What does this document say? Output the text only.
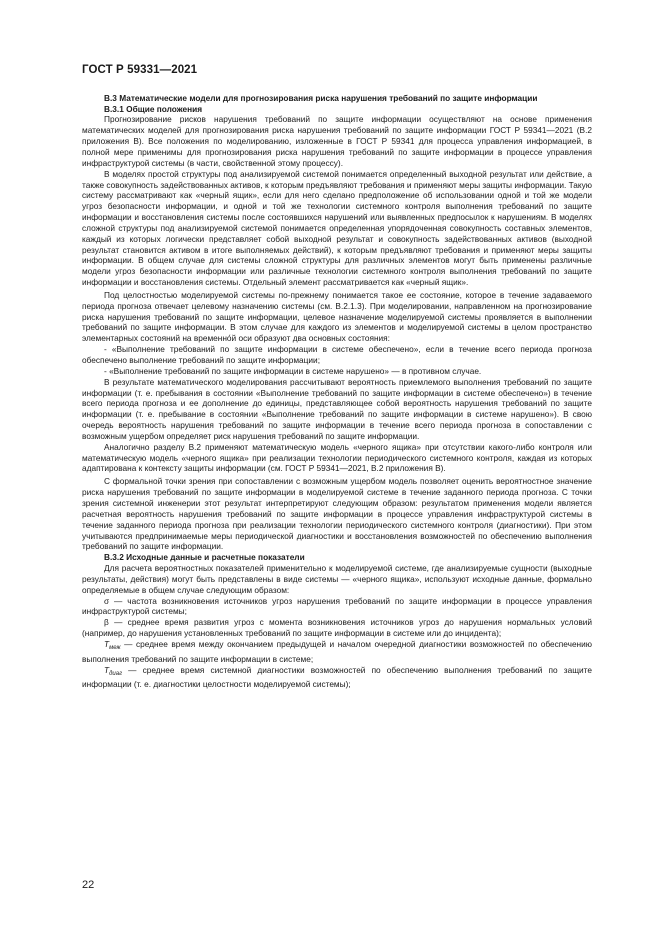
ГОСТ Р 59331—2021
В.3 Математические модели для прогнозирования риска нарушения требований по защите информации
В.3.1 Общие положения

Прогнозирование рисков нарушения требований по защите информации осуществляют на основе применения математических моделей для прогнозирования риска нарушения требований по защите информации ГОСТ Р 59341—2021 (В.2 приложения В). Все положения по моделированию, изложенные в ГОСТ Р 59341 для процесса управления информацией, в полной мере применимы для прогнозирования риска нарушения требований по защите информации в процессе управления инфраструктурой системы (в части, свойственной этому процессу).

В моделях простой структуры под анализируемой системой понимается определенный выходной результат или действие, а также совокупность задействованных активов, к которым предъявляют требования и применяют меры защиты информации. Такую систему рассматривают как «черный ящик», если для него сделано предположение об использовании одной и той же модели угроз безопасности информации, и одной и той же технологии системного контроля выполнения требований по защите информации и восстановления системы после состоявшихся нарушений или выявленных предпосылок к нарушениям. В моделях сложной структуры под анализируемой системой понимается определенная упорядоченная совокупность составных элементов, каждый из которых логически представляет собой выходной результат и совокупность задействованных активов (выходной результат становится активом в итоге выполняемых действий), к которым предъявляют требования и применяют меры защиты информации. В общем случае для системы сложной структуры для различных элементов могут быть применены различные модели угроз безопасности информации или различные технологии системного контроля выполнения требований по защите информации и восстановления системы. Отдельный элемент рассматривается как «черный ящик».

Под целостностью моделируемой системы по-прежнему понимается такое ее состояние, которое в течение задаваемого периода прогноза отвечает целевому назначению системы (см. В.2.1.3). При моделировании, направленном на прогнозирование риска нарушения требований по защите информации, целевое назначение моделируемой системы проявляется в выполнении требований по защите информации. В этом случае для каждого из элементов и моделируемой системы в целом пространство элементарных состояний на временно́й оси образуют два основных состояния:

- «Выполнение требований по защите информации в системе обеспечено», если в течение всего периода прогноза обеспечено выполнение требований по защите информации;

- «Выполнение требований по защите информации в системе нарушено» — в противном случае.

В результате математического моделирования рассчитывают вероятность приемлемого выполнения требований по защите информации (т. е. пребывания в состоянии «Выполнение требований по защите информации в системе обеспечено») в течение всего периода прогноза и ее дополнение до единицы, представляющее собой вероятность нарушения требований по защите информации (т. е. пребывание в состоянии «Выполнение требований по защите информации в системе нарушено»). В свою очередь вероятность нарушения требований по защите информации в течение всего периода прогноза в сопоставлении с возможным ущербом определяет риск нарушения требований по защите информации.

Аналогично разделу В.2 применяют математическую модель «черного ящика» при отсутствии какого-либо контроля или математическую модель «черного ящика» при реализации технологии периодического системного контроля, каждая из которых адаптирована к контексту защиты информации (см. ГОСТ Р 59341—2021, В.2 приложения В).

С формальной точки зрения при сопоставлении с возможным ущербом модель позволяет оценить вероятностное значение риска нарушения требований по защите информации в моделируемой системе в течение заданного периода прогноза. С точки зрения системной инженерии этот результат интерпретируют следующим образом: результатом применения модели является расчетная вероятность нарушения требований по защите информации в процессе управления инфраструктурой системы в течение заданного периода прогноза при реализации технологии периодического системного контроля (диагностики). При этом учитываются предпринимаемые меры периодической диагностики и восстановления возможностей по обеспечению выполнения требований по защите информации.

В.3.2 Исходные данные и расчетные показатели

Для расчета вероятностных показателей применительно к моделируемой системе, где анализируемые сущности (выходные результаты, действия) могут быть представлены в виде системы — «черного ящика», используют исходные данные, формально определяемые в общем случае следующим образом:

σ — частота возникновения источников угроз нарушения требований по защите информации в процессе управления инфраструктурой системы;

β — среднее время развития угроз с момента возникновения источников угроз до нарушения нормальных условий (например, до нарушения установленных требований по защите информации в системе или до инцидента);

$T_{меж}$ — среднее время между окончанием предыдущей и началом очередной диагностики возможностей по обеспечению выполнения требований по защите информации в системе;

$T_{диаг}$ — среднее время системной диагностики возможностей по обеспечению выполнения требований по защите информации (т. е. диагностики целостности моделируемой системы);

22
